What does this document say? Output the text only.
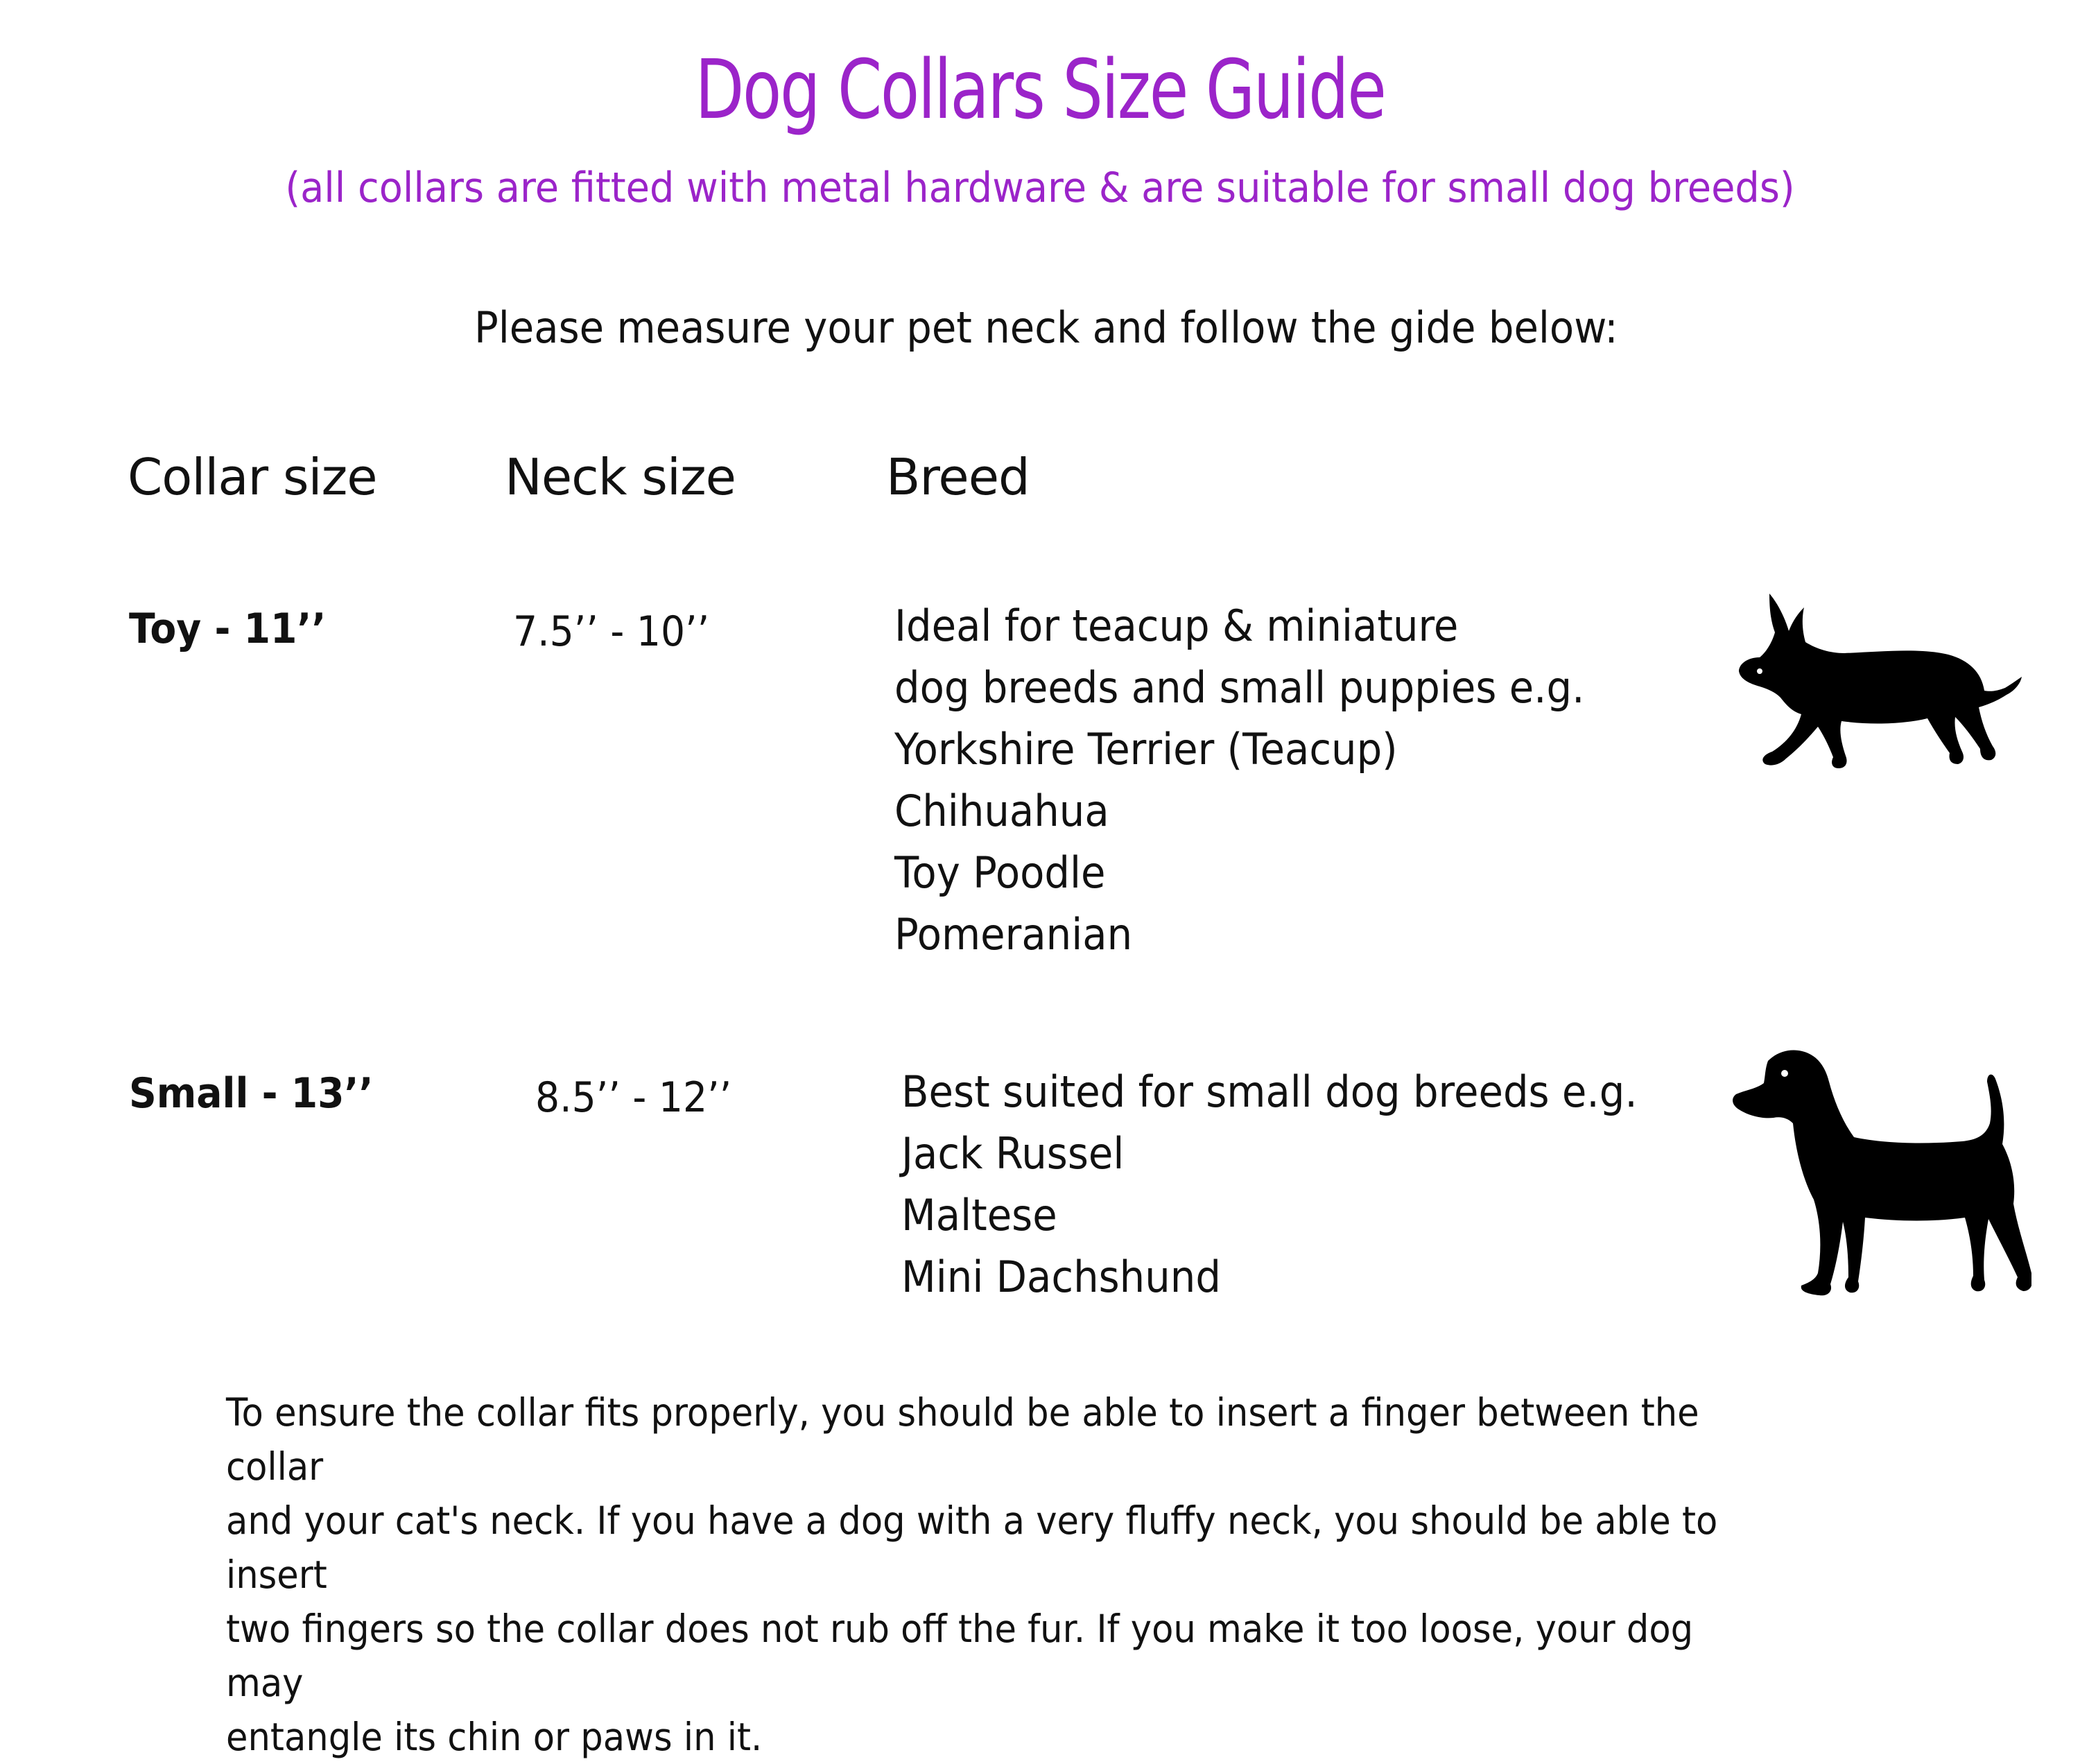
Dog Collars Size Guide
(all collars are fitted with metal hardware & are suitable for small dog breeds)
Please measure your pet neck and follow the gide below:
Collar size	Neck size	Breed
Toy - 11’’	7.5’’ - 10’’	Ideal for teacup & miniature
dog breeds and small puppies e.g.
Yorkshire Terrier (Teacup)
Chihuahua
Toy Poodle
Pomeranian
Small - 13’’	8.5’’ - 12’’	Best suited for small dog breeds e.g.
Jack Russel
Maltese
Mini Dachshund

To ensure the collar fits properly, you should be able to insert a finger between the collar
and your cat's neck. If you have a dog with a very fluffy neck, you should be able to insert
two fingers so the collar does not rub off the fur. If you make it too loose, your dog may
entangle its chin or paws in it.
